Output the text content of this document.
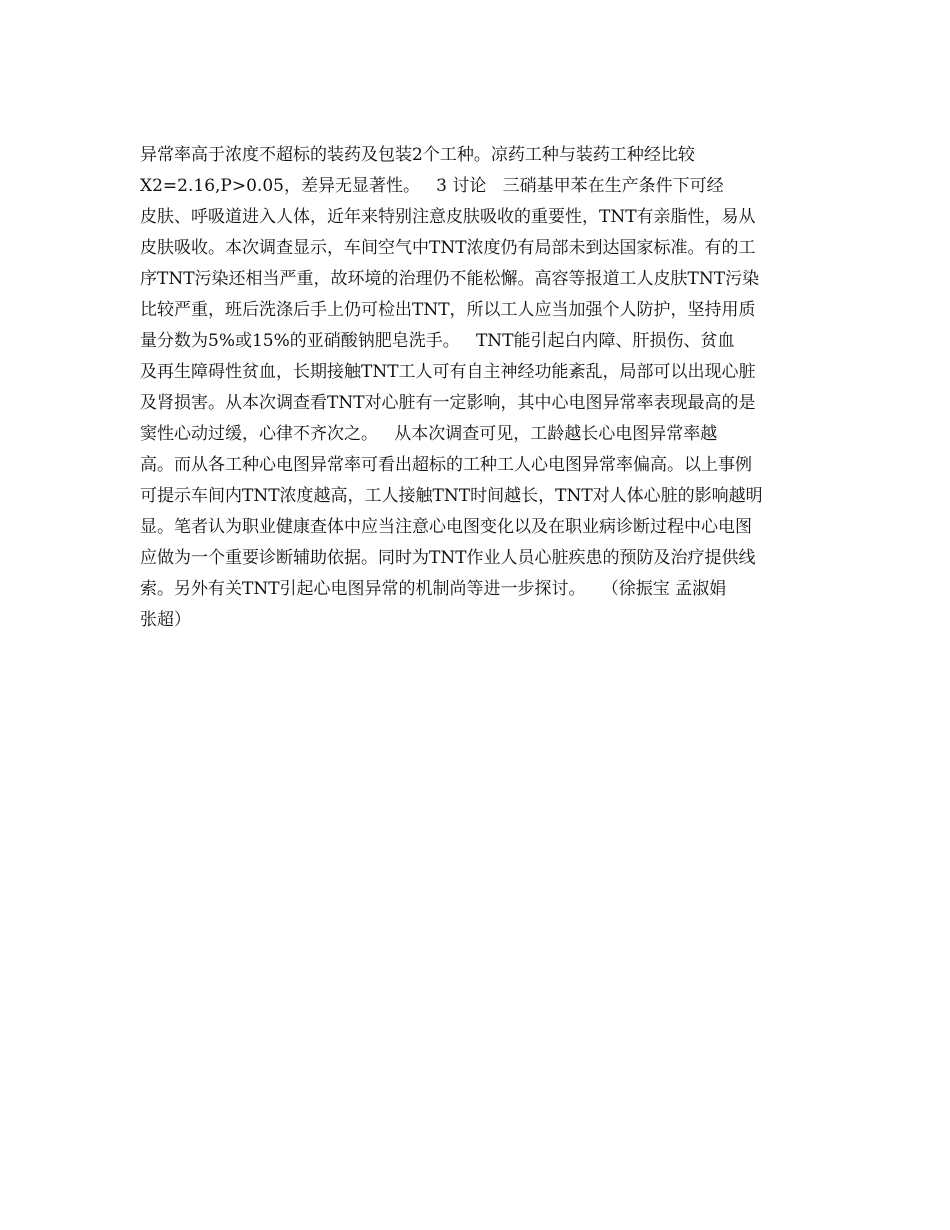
异常率高于浓度不超标的装药及包装2个工种。凉药工种与装药工种经比较
X2=2.16,P>0.05，差异无显著性。   3 讨论   三硝基甲苯在生产条件下可经
皮肤、呼吸道进入人体，近年来特别注意皮肤吸收的重要性，TNT有亲脂性，易从
皮肤吸收。本次调查显示，车间空气中TNT浓度仍有局部未到达国家标准。有的工
序TNT污染还相当严重，故环境的治理仍不能松懈。高容等报道工人皮肤TNT污染
比较严重，班后洗涤后手上仍可检出TNT，所以工人应当加强个人防护，坚持用质
量分数为5%或15%的亚硝酸钠肥皂洗手。   TNT能引起白内障、肝损伤、贫血
及再生障碍性贫血，长期接触TNT工人可有自主神经功能紊乱，局部可以出现心脏
及肾损害。从本次调查看TNT对心脏有一定影响，其中心电图异常率表现最高的是
窦性心动过缓，心律不齐次之。   从本次调查可见，工龄越长心电图异常率越
高。而从各工种心电图异常率可看出超标的工种工人心电图异常率偏高。以上事例
可提示车间内TNT浓度越高，工人接触TNT时间越长，TNT对人体心脏的影响越明
显。笔者认为职业健康查体中应当注意心电图变化以及在职业病诊断过程中心电图
应做为一个重要诊断辅助依据。同时为TNT作业人员心脏疾患的预防及治疗提供线
索。另外有关TNT引起心电图异常的机制尚等进一步探讨。   （徐振宝 孟淑娟
张超）
